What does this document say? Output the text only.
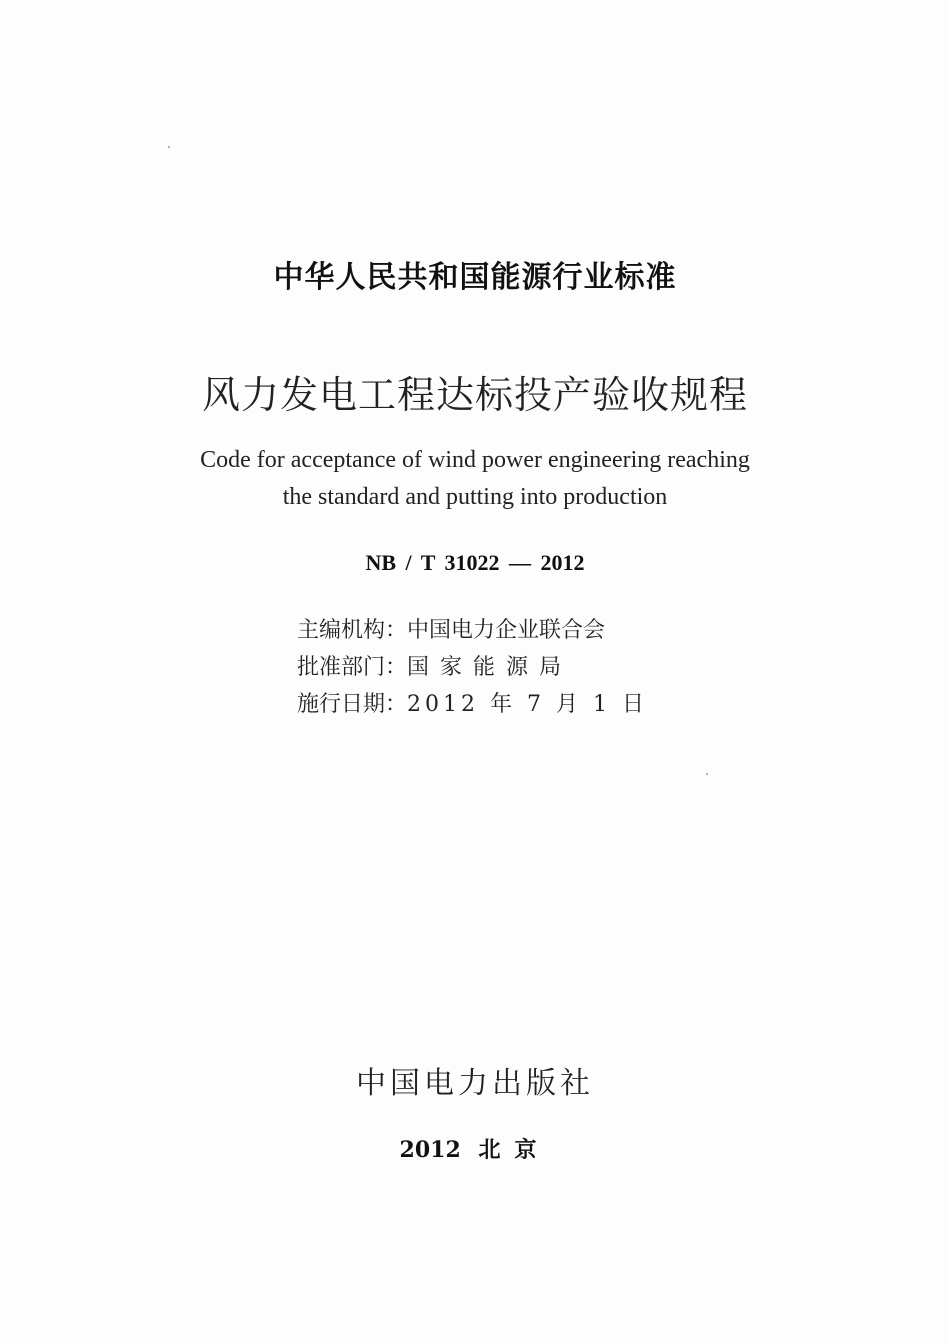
中华人民共和国能源行业标准
风力发电工程达标投产验收规程
Code for acceptance of wind power engineering reaching
the standard and putting into production
NB / T 31022 — 2012
主编机构：中国电力企业联合会
批准部门：国家能源局
施行日期：2012 年 7 月 1 日
中国电力出版社
2012 北京
